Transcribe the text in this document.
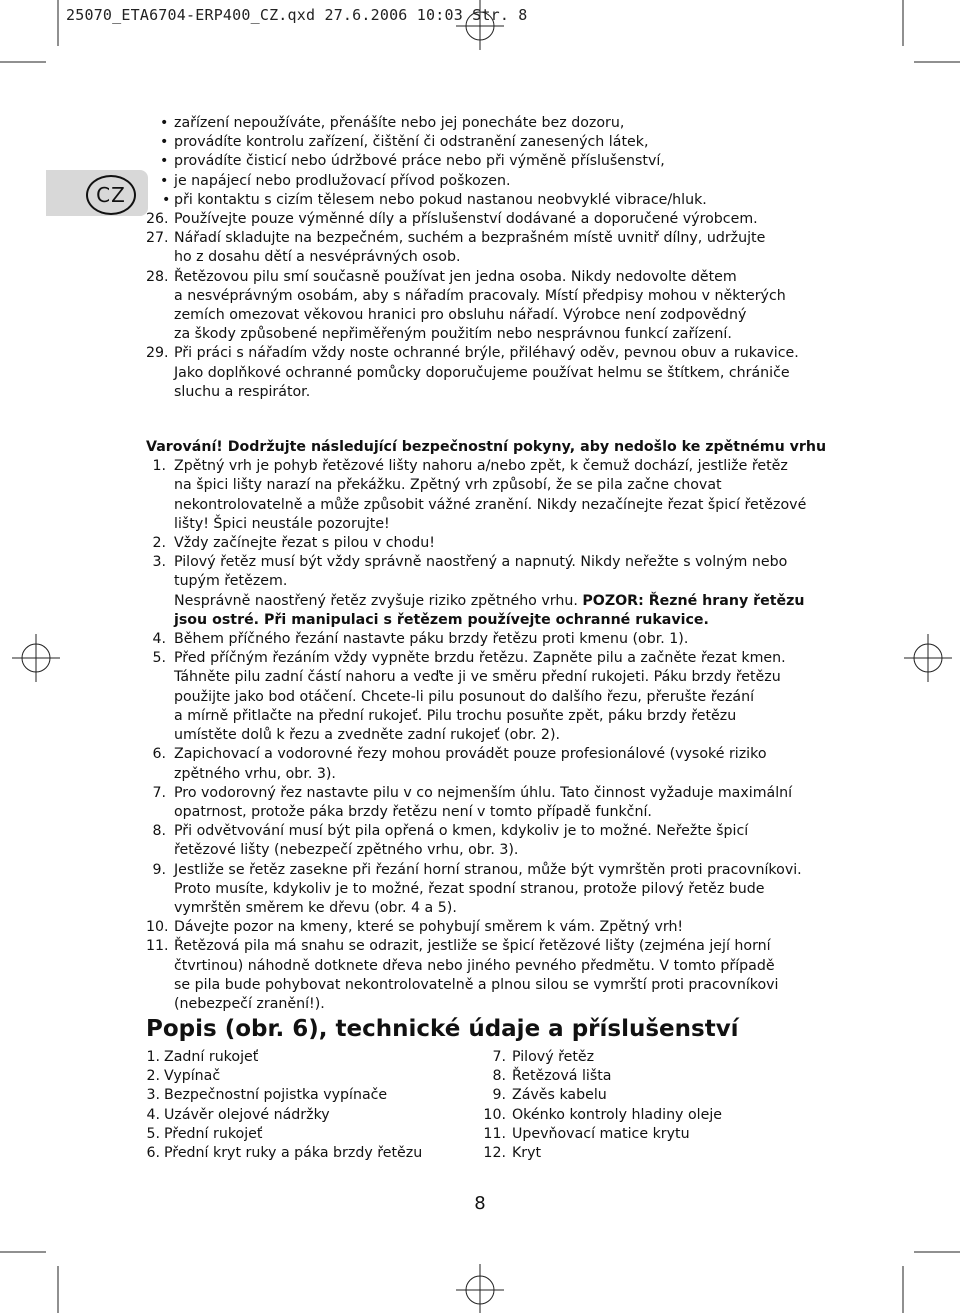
25070_ETA6704-ERP400_CZ.qxd 27.6.2006 10:03 Str. 8
CZ
• zařízení nepoužíváte, přenášíte nebo jej ponecháte bez dozoru,
• provádíte kontrolu zařízení, čištění či odstranění zanesených látek,
• provádíte čisticí nebo údržbové práce nebo při výměně příslušenství,
• je napájecí nebo prodlužovací přívod poškozen.
• při kontaktu s cizím tělesem nebo pokud nastanou neobvyklé vibrace/hluk.
26. Používejte pouze výměnné díly a příslušenství dodávané a doporučené výrobcem.
27. Nářadí skladujte na bezpečném, suchém a bezprašném místě uvnitř dílny, udržujte
ho z dosahu dětí a nesvéprávných osob.
28. Řetězovou pilu smí současně používat jen jedna osoba. Nikdy nedovolte dětem
a nesvéprávným osobám, aby s nářadím pracovaly. Místí předpisy mohou v některých
zemích omezovat věkovou hranici pro obsluhu nářadí. Výrobce není zodpovědný
za škody způsobené nepřiměřeným použitím nebo nesprávnou funkcí zařízení.
29. Při práci s nářadím vždy noste ochranné brýle, přiléhavý oděv, pevnou obuv a rukavice.
Jako doplňkové ochranné pomůcky doporučujeme používat helmu se štítkem, chrániče
sluchu a respirátor.
Varování! Dodržujte následující bezpečnostní pokyny, aby nedošlo ke zpětnému vrhu
1. Zpětný vrh je pohyb řetězové lišty nahoru a/nebo zpět, k čemuž dochází, jestliže řetěz
na špici lišty narazí na překážku. Zpětný vrh způsobí, že se pila začne chovat
nekontrolovatelně a může způsobit vážné zranění. Nikdy nezačínejte řezat špicí řetězové
lišty! Špici neustále pozorujte!
2. Vždy začínejte řezat s pilou v chodu!
3. Pilový řetěz musí být vždy správně naostřený a napnutý. Nikdy neřežte s volným nebo
tupým řetězem.
Nesprávně naostřený řetěz zvyšuje riziko zpětného vrhu. POZOR: Řezné hrany řetězu
jsou ostré. Při manipulaci s řetězem používejte ochranné rukavice.
4. Během příčného řezání nastavte páku brzdy řetězu proti kmenu (obr. 1).
5. Před příčným řezáním vždy vypněte brzdu řetězu. Zapněte pilu a začněte řezat kmen.
Táhněte pilu zadní částí nahoru a veďte ji ve směru přední rukojeti. Páku brzdy řetězu
použijte jako bod otáčení. Chcete-li pilu posunout do dalšího řezu, přerušte řezání
a mírně přitlačte na přední rukojeť. Pilu trochu posuňte zpět, páku brzdy řetězu
umístěte dolů k řezu a zvedněte zadní rukojeť (obr. 2).
6. Zapichovací a vodorovné řezy mohou provádět pouze profesionálové (vysoké riziko
zpětného vrhu, obr. 3).
7. Pro vodorovný řez nastavte pilu v co nejmenším úhlu. Tato činnost vyžaduje maximální
opatrnost, protože páka brzdy řetězu není v tomto případě funkční.
8. Při odvětvování musí být pila opřená o kmen, kdykoliv je to možné. Neřežte špicí
řetězové lišty (nebezpečí zpětného vrhu, obr. 3).
9. Jestliže se řetěz zasekne při řezání horní stranou, může být vymrštěn proti pracovníkovi.
Proto musíte, kdykoliv je to možné, řezat spodní stranou, protože pilový řetěz bude
vymrštěn směrem ke dřevu (obr. 4 a 5).
10. Dávejte pozor na kmeny, které se pohybují směrem k vám. Zpětný vrh!
11. Řetězová pila má snahu se odrazit, jestliže se špicí řetězové lišty (zejména její horní
čtvrtinou) náhodně dotknete dřeva nebo jiného pevného předmětu. V tomto případě
se pila bude pohybovat nekontrolovatelně a plnou silou se vymrští proti pracovníkovi
(nebezpečí zranění!).
Popis (obr. 6), technické údaje a příslušenství
1. Zadní rukojeť
2. Vypínač
3. Bezpečnostní pojistka vypínače
4. Uzávěr olejové nádržky
5. Přední rukojeť
6. Přední kryt ruky a páka brzdy řetězu
7. Pilový řetěz
8. Řetězová lišta
9. Závěs kabelu
10. Okénko kontroly hladiny oleje
11. Upevňovací matice krytu
12. Kryt
8
